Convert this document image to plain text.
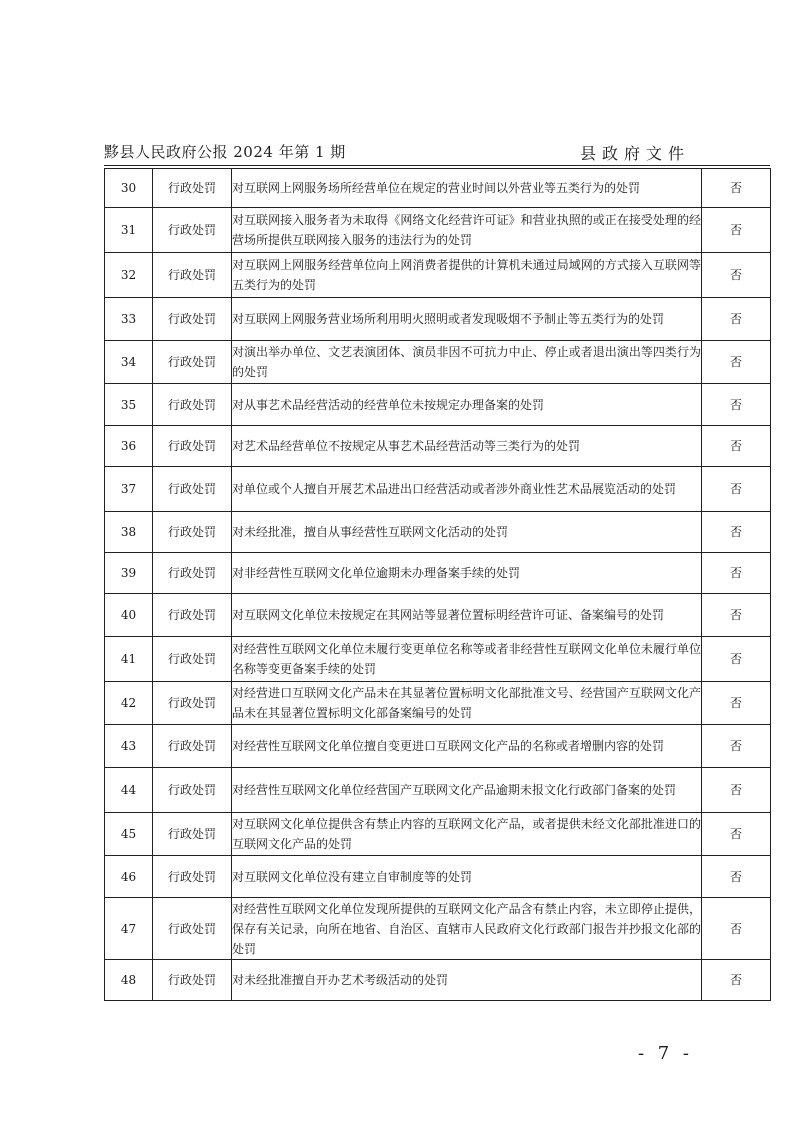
黟县人民政府公报 2024 年第 1 期	县政府文件
30	行政处罚	对互联网上网服务场所经营单位在规定的营业时间以外营业等五类行为的处罚	否
31	行政处罚	对互联网接入服务者为未取得《网络文化经营许可证》和营业执照的或正在接受处理的经营场所提供互联网接入服务的违法行为的处罚	否
32	行政处罚	对互联网上网服务经营单位向上网消费者提供的计算机未通过局域网的方式接入互联网等五类行为的处罚	否
33	行政处罚	对互联网上网服务营业场所利用明火照明或者发现吸烟不予制止等五类行为的处罚	否
34	行政处罚	对演出举办单位、文艺表演团体、演员非因不可抗力中止、停止或者退出演出等四类行为的处罚	否
35	行政处罚	对从事艺术品经营活动的经营单位未按规定办理备案的处罚	否
36	行政处罚	对艺术品经营单位不按规定从事艺术品经营活动等三类行为的处罚	否
37	行政处罚	对单位或个人擅自开展艺术品进出口经营活动或者涉外商业性艺术品展览活动的处罚	否
38	行政处罚	对未经批准，擅自从事经营性互联网文化活动的处罚	否
39	行政处罚	对非经营性互联网文化单位逾期未办理备案手续的处罚	否
40	行政处罚	对互联网文化单位未按规定在其网站等显著位置标明经营许可证、备案编号的处罚	否
41	行政处罚	对经营性互联网文化单位未履行变更单位名称等或者非经营性互联网文化单位未履行单位名称等变更备案手续的处罚	否
42	行政处罚	对经营进口互联网文化产品未在其显著位置标明文化部批准文号、经营国产互联网文化产品未在其显著位置标明文化部备案编号的处罚	否
43	行政处罚	对经营性互联网文化单位擅自变更进口互联网文化产品的名称或者增删内容的处罚	否
44	行政处罚	对经营性互联网文化单位经营国产互联网文化产品逾期未报文化行政部门备案的处罚	否
45	行政处罚	对互联网文化单位提供含有禁止内容的互联网文化产品，或者提供未经文化部批准进口的互联网文化产品的处罚	否
46	行政处罚	对互联网文化单位没有建立自审制度等的处罚	否
47	行政处罚	对经营性互联网文化单位发现所提供的互联网文化产品含有禁止内容，未立即停止提供，保存有关记录，向所在地省、自治区、直辖市人民政府文化行政部门报告并抄报文化部的处罚	否
48	行政处罚	对未经批准擅自开办艺术考级活动的处罚	否
- 7 -
